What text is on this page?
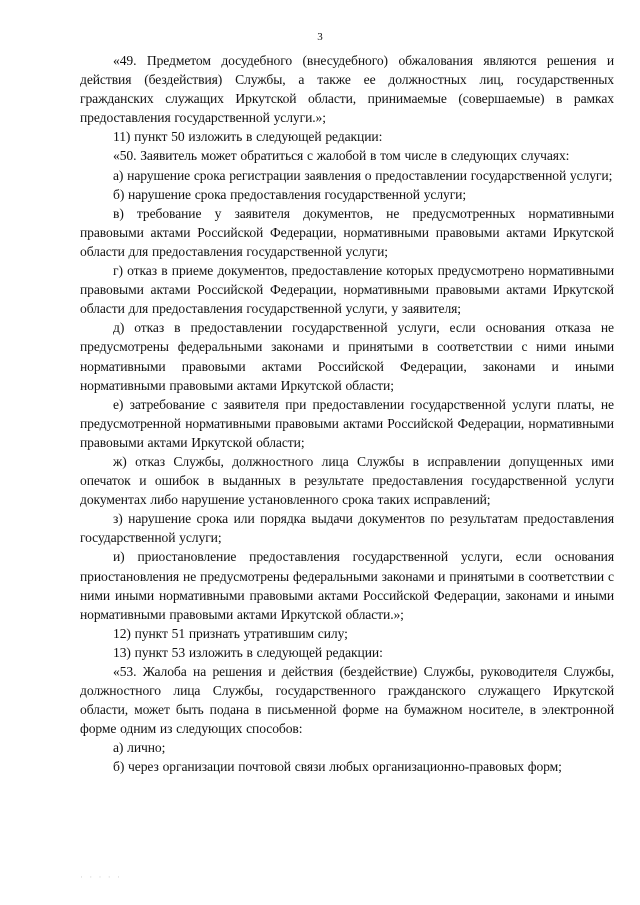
3

«49. Предметом досудебного (внесудебного) обжалования являются решения и действия (бездействия) Службы, а также ее должностных лиц, государственных гражданских служащих Иркутской области, принимаемые (совершаемые) в рамках предоставления государственной услуги.»;

11) пункт 50 изложить в следующей редакции:

«50. Заявитель может обратиться с жалобой в том числе в следующих случаях:

а) нарушение срока регистрации заявления о предоставлении государственной услуги;

б) нарушение срока предоставления государственной услуги;

в) требование у заявителя документов, не предусмотренных нормативными правовыми актами Российской Федерации, нормативными правовыми актами Иркутской области для предоставления государственной услуги;

г) отказ в приеме документов, предоставление которых предусмотрено нормативными правовыми актами Российской Федерации, нормативными правовыми актами Иркутской области для предоставления государственной услуги, у заявителя;

д) отказ в предоставлении государственной услуги, если основания отказа не предусмотрены федеральными законами и принятыми в соответствии с ними иными нормативными правовыми актами Российской Федерации, законами и иными нормативными правовыми актами Иркутской области;

е) затребование с заявителя при предоставлении государственной услуги платы, не предусмотренной нормативными правовыми актами Российской Федерации, нормативными правовыми актами Иркутской области;

ж) отказ Службы, должностного лица Службы в исправлении допущенных ими опечаток и ошибок в выданных в результате предоставления государственной услуги документах либо нарушение установленного срока таких исправлений;

з) нарушение срока или порядка выдачи документов по результатам предоставления государственной услуги;

и) приостановление предоставления государственной услуги, если основания приостановления не предусмотрены федеральными законами и принятыми в соответствии с ними иными нормативными правовыми актами Российской Федерации, законами и иными нормативными правовыми актами Иркутской области.»;

12) пункт 51 признать утратившим силу;

13) пункт 53 изложить в следующей редакции:

«53. Жалоба на решения и действия (бездействие) Службы, руководителя Службы, должностного лица Службы, государственного гражданского служащего Иркутской области, может быть подана в письменной форме на бумажном носителе, в электронной форме одним из следующих способов:

а) лично;

б) через организации почтовой связи любых организационно-правовых форм;

· · · · ·
